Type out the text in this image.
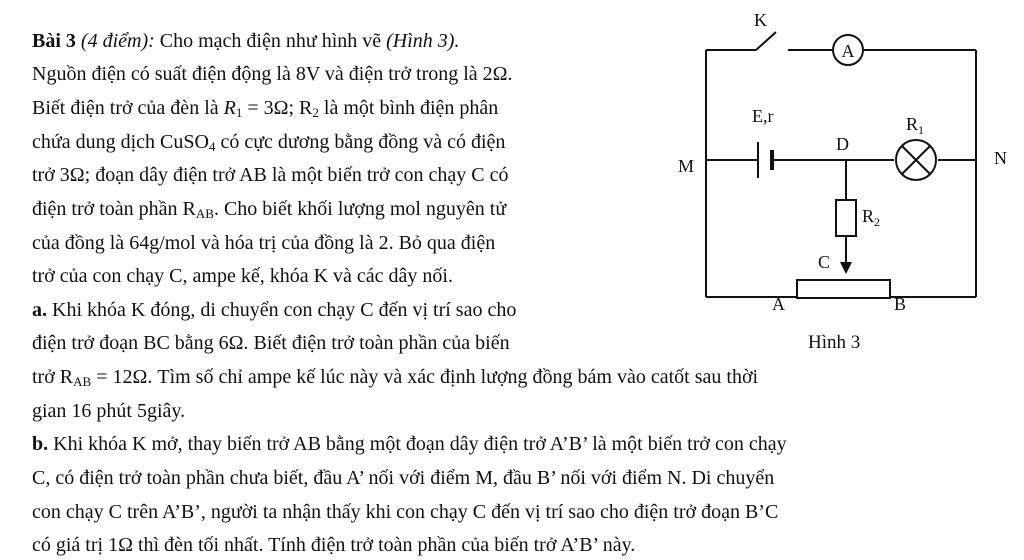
Bài 3 (4 điểm): Cho mạch điện như hình vẽ (Hình 3).
Nguồn điện có suất điện động là 8V và điện trở trong là 2Ω.
Biết điện trở của đèn là $R_1 = 3\Omega$; $R_2$ là một bình điện phân
chứa dung dịch CuSO$_4$ có cực dương bằng đồng và có điện
trở 3Ω; đoạn dây điện trở AB là một biến trở con chạy C có
điện trở toàn phần $R_{AB}$. Cho biết khối lượng mol nguyên tử
của đồng là 64g/mol và hóa trị của đồng là 2. Bỏ qua điện
trở của con chạy C, ampe kế, khóa K và các dây nối.
a. Khi khóa K đóng, di chuyển con chạy C đến vị trí sao cho
điện trở đoạn BC bằng 6Ω. Biết điện trở toàn phần của biến
trở $R_{AB} = 12\Omega$. Tìm số chỉ ampe kế lúc này và xác định lượng đồng bám vào catốt sau thời
gian 16 phút 5giây.
b. Khi khóa K mở, thay biến trở AB bằng một đoạn dây điện trở A’B’ là một biến trở con chạy
C, có điện trở toàn phần chưa biết, đầu A’ nối với điểm M, đầu B’ nối với điểm N. Di chuyển
con chạy C trên A’B’, người ta nhận thấy khi con chạy C đến vị trí sao cho điện trở đoạn B’C
có giá trị 1Ω thì đèn tối nhất. Tính điện trở toàn phần của biến trở A’B’ này.
A
K
E,r
D
$R_1$
M	N
$R_2$
C
A	B
Hình 3
